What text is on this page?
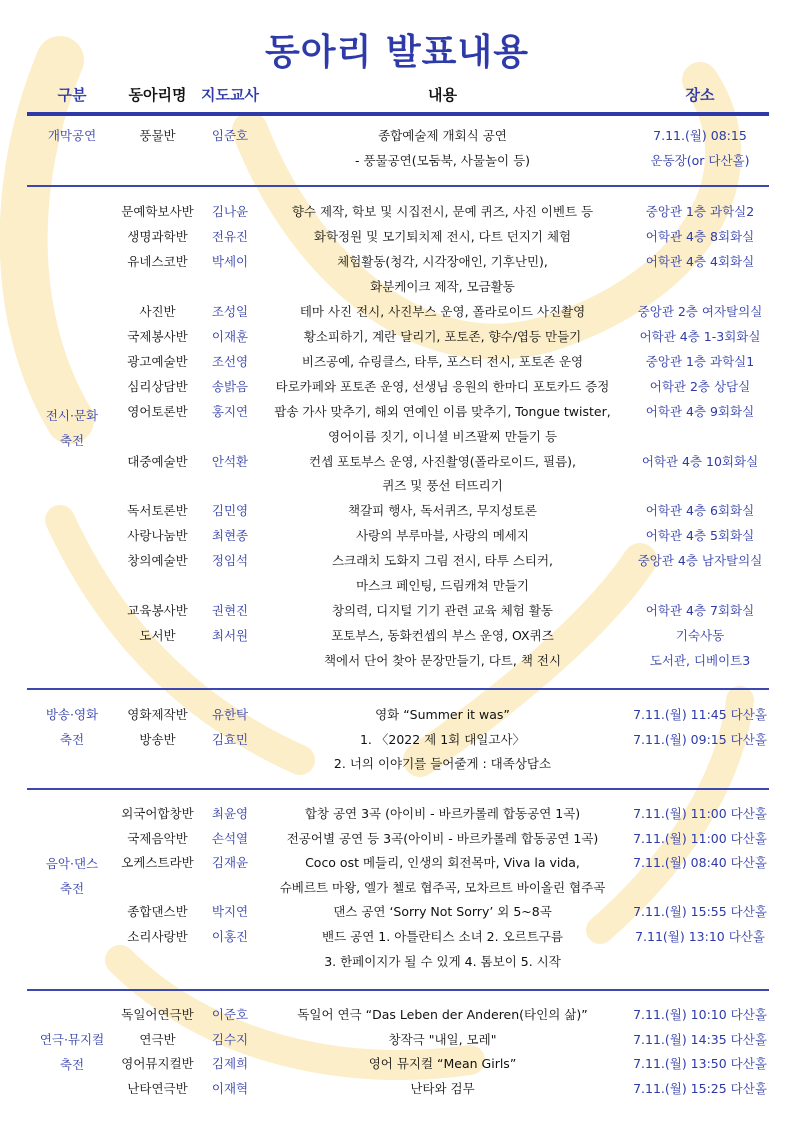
동아리 발표내용
구분	동아리명 지도교사	내용	장소
개막공연	풍물반	임준호	종합예술제 개회식 공연	7.11.(월) 08:15
- 풍물공연(모둠북, 사물놀이 등)	운동장(or 다산홀)
전시·문화
축전
문예학보사반	김나윤	향수 제작, 학보 및 시집전시, 문예 퀴즈, 사진 이벤트 등	중앙관 1층 과학실2
생명과학반	전유진	화학정원 및 모기퇴치제 전시, 다트 던지기 체험	어학관 4층 8회화실
유네스코반	박세이	체험활동(청각, 시각장애인, 기후난민),	어학관 4층 4회화실
화분케이크 제작, 모금활동
사진반	조성일	테마 사진 전시, 사진부스 운영, 폴라로이드 사진촬영	중앙관 2층 여자탈의실
국제봉사반	이재훈	황소피하기, 계란 달리기, 포토존, 향수/엽등 만들기	어학관 4층 1-3회화실
광고예술반	조선영	비즈공예, 슈링클스, 타투, 포스터 전시, 포토존 운영	중앙관 1층 과학실1
심리상담반	송밝음	타로카페와 포토존 운영, 선생님 응원의 한마디 포토카드 증정	어학관 2층 상담실
영어토론반	홍지연	팝송 가사 맞추기, 해외 연예인 이름 맞추기, Tongue twister,	어학관 4층 9회화실
영어이름 짓기, 이니셜 비즈팔찌 만들기 등
대중예술반	안석환	컨셉 포토부스 운영, 사진촬영(폴라로이드, 필름),	어학관 4층 10회화실
퀴즈 및 풍선 터뜨리기
독서토론반	김민영	책갈피 행사, 독서퀴즈, 무지성토론	어학관 4층 6회화실
사랑나눔반	최현종	사랑의 부루마블, 사랑의 메세지	어학관 4층 5회화실
창의예술반	정임석	스크래치 도화지 그림 전시, 타투 스티커,	중앙관 4층 남자탈의실
마스크 페인팅, 드림캐쳐 만들기
교육봉사반	권현진	창의력, 디지털 기기 관련 교육 체험 활동	어학관 4층 7회화실
도서반	최서원	포토부스, 동화컨셉의 부스 운영, OX퀴즈	기숙사동
책에서 단어 찾아 문장만들기, 다트, 책 전시	도서관, 디베이트3
방송·영화
축전
영화제작반	유한탁	영화 “Summer it was”	7.11.(월) 11:45 다산홀
방송반	김효민	1. 〈2022 제 1회 대일고사〉	7.11.(월) 09:15 다산홀
2. 너의 이야기를 들어줄게 : 대족상담소
음악·댄스
축전
외국어합창반	최윤영	합창 공연 3곡 (아이비 - 바르카롤레 합동공연 1곡)	7.11.(월) 11:00 다산홀
국제음악반	손석열	전공어별 공연 등 3곡(아이비 - 바르카롤레 합동공연 1곡)	7.11.(월) 11:00 다산홀
오케스트라반	김재윤	Coco ost 메들리, 인생의 회전목마, Viva la vida,	7.11.(월) 08:40 다산홀
슈베르트 마왕, 엘가 첼로 협주곡, 모차르트 바이올린 협주곡
종합댄스반	박지연	댄스 공연 ‘Sorry Not Sorry’ 외 5~8곡	7.11.(월) 15:55 다산홀
소리사랑반	이홍진	밴드 공연 1. 아틀란티스 소녀 2. 오르트구름	7.11(월) 13:10 다산홀
3. 한페이지가 될 수 있게 4. 톰보이 5. 시작
연극·뮤지컬
축전
독일어연극반	이준호	독일어 연극 “Das Leben der Anderen(타인의 삶)”	7.11.(월) 10:10 다산홀
연극반	김수지	창작극 "내일, 모레"	7.11.(월) 14:35 다산홀
영어뮤지컬반	김제희	영어 뮤지컬 “Mean Girls”	7.11.(월) 13:50 다산홀
난타연극반	이재혁	난타와 검무	7.11.(월) 15:25 다산홀
